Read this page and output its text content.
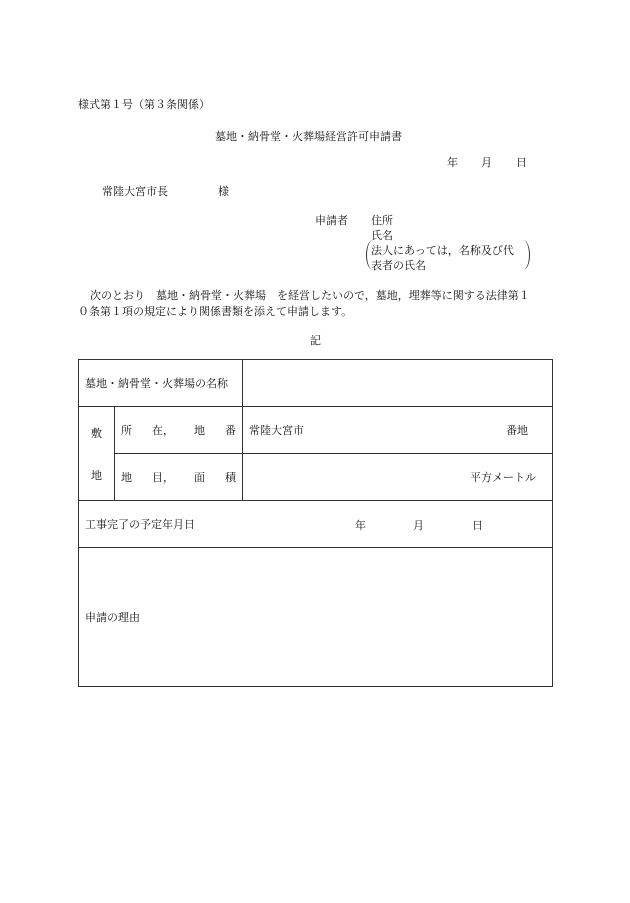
様式第１号（第３条関係）
墓地・納骨堂・火葬場経営許可申請書
年 月 日
常陸大宮市長	様
申請者 住所
氏名
法人にあっては，名称及び代
表者の氏名
次のとおり　墓地・納骨堂・火葬場　を経営したいので，墓地，埋葬等に関する法律第１
０条第１項の規定により関係書類を添えて申請します。
記
墓地・納骨堂・火葬場の名称		

敷
地	所 在， 地 番	常陸大宮市 番地

	地 目， 面 積	平方メートル
工事完了の予定年月日 年 月 日		

申請の理由		
